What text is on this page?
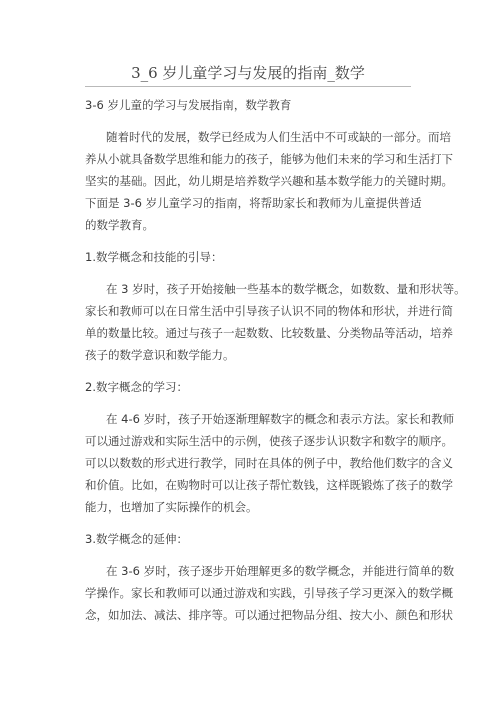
3_6 岁儿童学习与发展的指南_数学
3-6 岁儿童的学习与发展指南，数学教育
随着时代的发展，数学已经成为人们生活中不可或缺的一部分。而培
养从小就具备数学思维和能力的孩子，能够为他们未来的学习和生活打下
坚实的基础。因此，幼儿期是培养数学兴趣和基本数学能力的关键时期。
下面是 3-6 岁儿童学习的指南，将帮助家长和教师为儿童提供普适
的数学教育。
1.数学概念和技能的引导：
在 3 岁时，孩子开始接触一些基本的数学概念，如数数、量和形状等。
家长和教师可以在日常生活中引导孩子认识不同的物体和形状，并进行简
单的数量比较。通过与孩子一起数数、比较数量、分类物品等活动，培养
孩子的数学意识和数学能力。
2.数字概念的学习：
在 4-6 岁时，孩子开始逐渐理解数字的概念和表示方法。家长和教师
可以通过游戏和实际生活中的示例，使孩子逐步认识数字和数字的顺序。
可以以数数的形式进行教学，同时在具体的例子中，教给他们数字的含义
和价值。比如，在购物时可以让孩子帮忙数钱，这样既锻炼了孩子的数学
能力，也增加了实际操作的机会。
3.数学概念的延伸：
在 3-6 岁时，孩子逐步开始理解更多的数学概念，并能进行简单的数
学操作。家长和教师可以通过游戏和实践，引导孩子学习更深入的数学概
念，如加法、减法、排序等。可以通过把物品分组、按大小、颜色和形状
